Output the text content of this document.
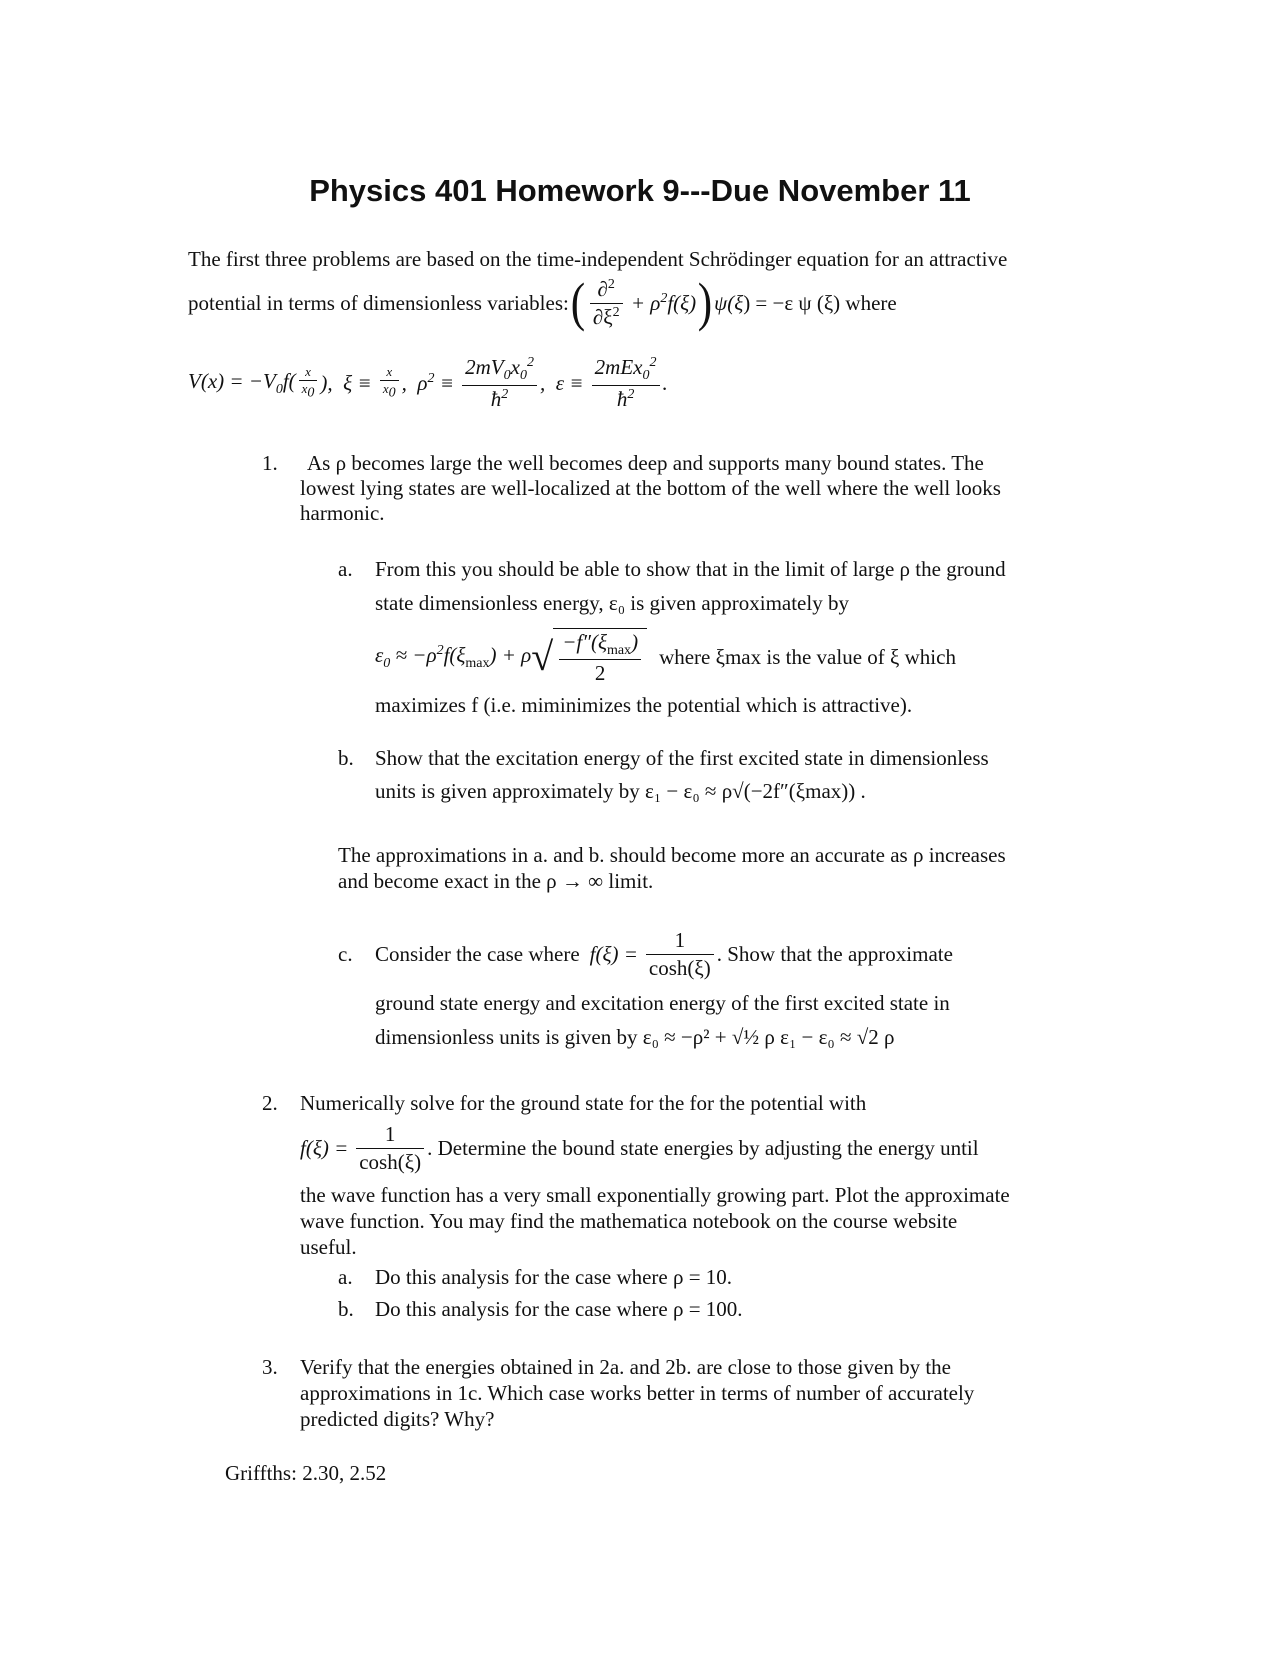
Physics 401 Homework 9---Due November 11
The first three problems are based on the time-independent Schrödinger equation for an attractive
potential in terms of dimensionless variables: ( $\frac{\partial^2}{\partial\xi^2} + \rho^2f(\xi)$ ) ψ(ξ ) = −ε ψ (ξ) where
$V(x) = -V_0f( \frac{x}{x_0}$ ),  $\xi \equiv \frac{x}{x_0}$ ,  $\rho^2 \equiv \frac{2mV_0x_0^2}{ħ^2}$ ,  $\varepsilon \equiv \frac{2mEx_0^2}{ħ^2}$ .
1. As ρ becomes large the well becomes deep and supports many bound states. The
lowest lying states are well-localized at the bottom of the well where the well looks
harmonic.
a. From this you should be able to show that in the limit of large ρ the ground
state dimensionless energy, ε₀ is given approximately by
$\varepsilon_0 \approx -\rho^2f(\xi_{max}) + \rho$ √ $\frac{-f''(\xi_{max})}{2}$ where ξmax is the value of ξ which
maximizes f (i.e. miminimizes the potential which is attractive).
b. Show that the excitation energy of the first excited state in dimensionless
units is given approximately by ε₁ − ε₀ ≈ ρ√(−2f″(ξmax)) .
The approximations in a. and b. should become more an accurate as ρ increases
and become exact in the ρ → ∞ limit.
c. Consider the case where $f(\xi) = \frac{1}{\cosh(\xi)}$ . Show that the approximate
ground state energy and excitation energy of the first excited state in
dimensionless units is given by ε₀ ≈ −ρ² + √½ ρ ε₁ − ε₀ ≈ √2 ρ
2. Numerically solve for the ground state for the for the potential with
$f(\xi) = \frac{1}{\cosh(\xi)}$ . Determine the bound state energies by adjusting the energy until
the wave function has a very small exponentially growing part. Plot the approximate
wave function. You may find the mathematica notebook on the course website
useful.
a. Do this analysis for the case where ρ = 10.
b. Do this analysis for the case where ρ = 100.
3. Verify that the energies obtained in 2a. and 2b. are close to those given by the
approximations in 1c. Which case works better in terms of number of accurately
predicted digits? Why?
Griffths: 2.30, 2.52
